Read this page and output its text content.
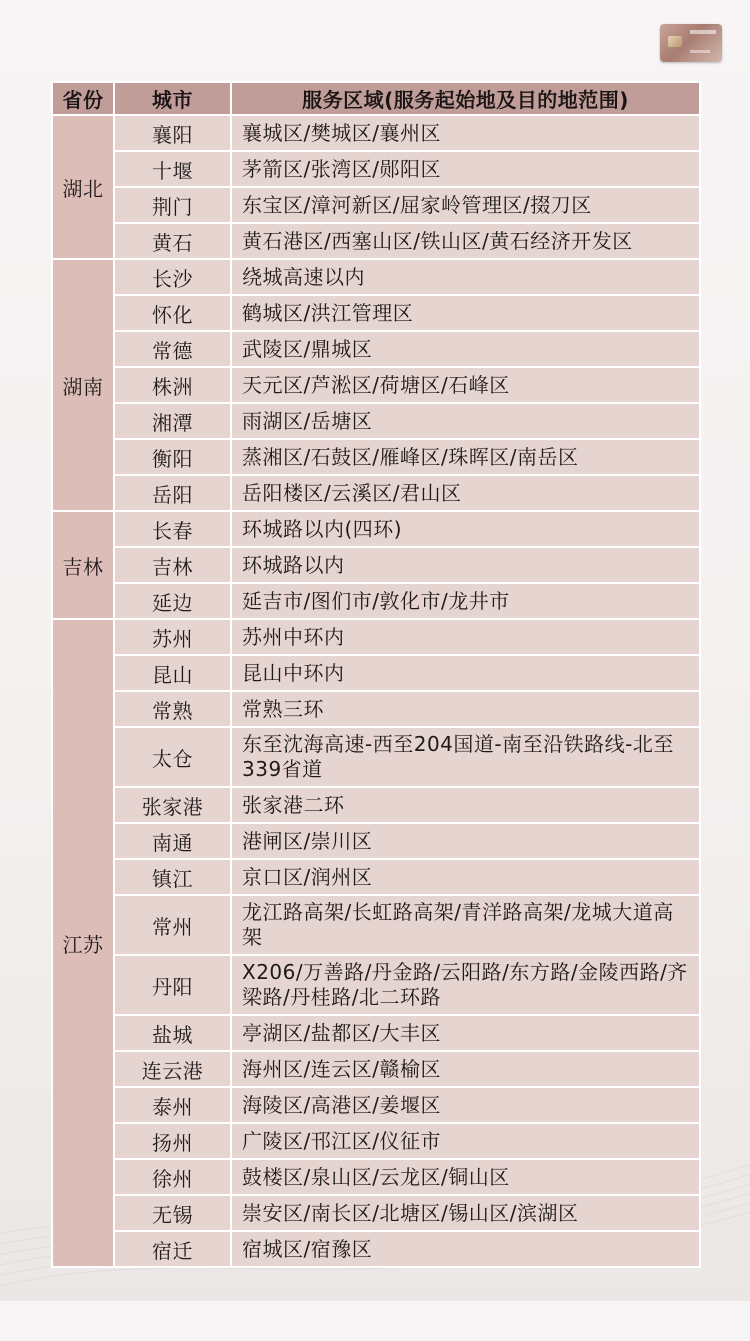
省份	城市	服务区域(服务起始地及目的地范围)
湖北	襄阳	襄城区/樊城区/襄州区
	十堰	茅箭区/张湾区/郧阳区
	荆门	东宝区/漳河新区/屈家岭管理区/掇刀区
	黄石	黄石港区/西塞山区/铁山区/黄石经济开发区
湖南	长沙	绕城高速以内
	怀化	鹤城区/洪江管理区
	常德	武陵区/鼎城区
	株洲	天元区/芦淞区/荷塘区/石峰区
	湘潭	雨湖区/岳塘区
	衡阳	蒸湘区/石鼓区/雁峰区/珠晖区/南岳区
	岳阳	岳阳楼区/云溪区/君山区
吉林	长春	环城路以内(四环)
	吉林	环城路以内
	延边	延吉市/图们市/敦化市/龙井市
江苏	苏州	苏州中环内
	昆山	昆山中环内
	常熟	常熟三环
	太仓	东至沈海高速-西至204国道-南至沿铁路线-北至339省道
	张家港	张家港二环
	南通	港闸区/崇川区
	镇江	京口区/润州区
	常州	龙江路高架/长虹路高架/青洋路高架/龙城大道高架
	丹阳	X206/万善路/丹金路/云阳路/东方路/金陵西路/齐梁路/丹桂路/北二环路
	盐城	亭湖区/盐都区/大丰区
	连云港	海州区/连云区/赣榆区
	泰州	海陵区/高港区/姜堰区
	扬州	广陵区/邗江区/仪征市
	徐州	鼓楼区/泉山区/云龙区/铜山区
	无锡	崇安区/南长区/北塘区/锡山区/滨湖区
	宿迁	宿城区/宿豫区
